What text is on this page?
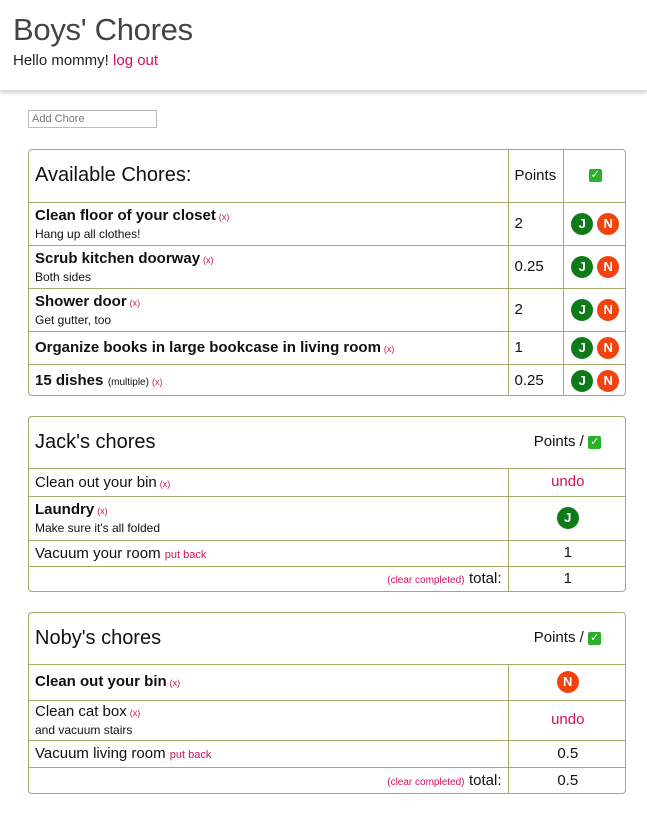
Boys' Chores
Hello mommy! log out
Add Chore
Available Chores:	Points	✓
Clean floor of your closet (x)
Hang up all clothes!	2	J N
Scrub kitchen doorway (x)
Both sides	0.25	J N
Shower door (x)
Get gutter, too	2	J N
Organize books in large bookcase in living room (x)	1	J N
15 dishes (multiple) (x)	0.25	J N
Jack's chores	Points / ✓
Clean out your bin (x)	undo
Laundry (x)
Make sure it's all folded	J
Vacuum your room put back	1
(clear completed) total:	1
Noby's chores	Points / ✓
Clean out your bin (x)	N
Clean cat box (x)
and vacuum stairs	undo
Vacuum living room put back	0.5
(clear completed) total:	0.5
